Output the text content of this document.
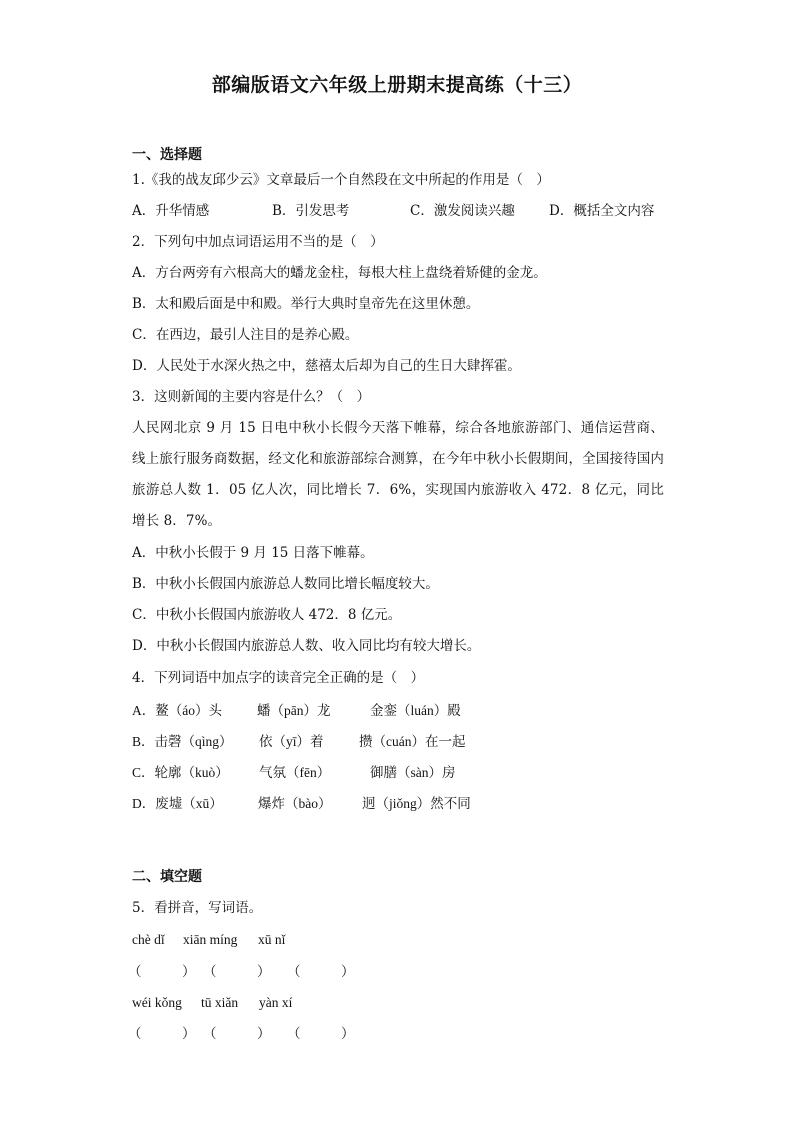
部编版语文六年级上册期末提高练（十三）
一、选择题
1.《我的战友邱少云》文章最后一个自然段在文中所起的作用是（　）
A．升华情感	B．引发思考	C．激发阅读兴趣	D．概括全文内容
2．下列句中加点词语运用不当的是（　）
A．方台两旁有六根高大的蟠龙金柱，每根大柱上盘绕着矫健的金龙。
B．太和殿后面是中和殿。举行大典时皇帝先在这里休憩。
C．在西边，最引人注目的是养心殿。
D．人民处于水深火热之中，慈禧太后却为自己的生日大肆挥霍。
3．这则新闻的主要内容是什么？（　）
人民网北京 9 月 15 日电中秋小长假今天落下帷幕，综合各地旅游部门、通信运营商、线上旅行服务商数据，经文化和旅游部综合测算，在今年中秋小长假期间，全国接待国内旅游总人数 1．05 亿人次，同比增长 7．6%，实现国内旅游收入 472．8 亿元，同比增长 8．7%。
A．中秋小长假于 9 月 15 日落下帷幕。
B．中秋小长假国内旅游总人数同比增长幅度较大。
C．中秋小长假国内旅游收人 472．8 亿元。
D．中秋小长假国内旅游总人数、收入同比均有较大增长。
4．下列词语中加点字的读音完全正确的是（　）
A．鳌（áo）头	蟠（pān）龙	金銮（luán）殿
B．击磬（qìng） 依（yī）着	攒（cuán）在一起
C．轮廓（kuò） 气氛（fēn）	御膳（sàn）房
D．废墟（xū）	爆炸（bào） 迥（jiǒng）然不同
二、填空题
5．看拼音，写词语。
chè dǐ xiān míng xū nǐ
（　　　） （　　　） （　　　）
wéi kǒng tū xiǎn yàn xí
（　　　） （　　　） （　　　）
